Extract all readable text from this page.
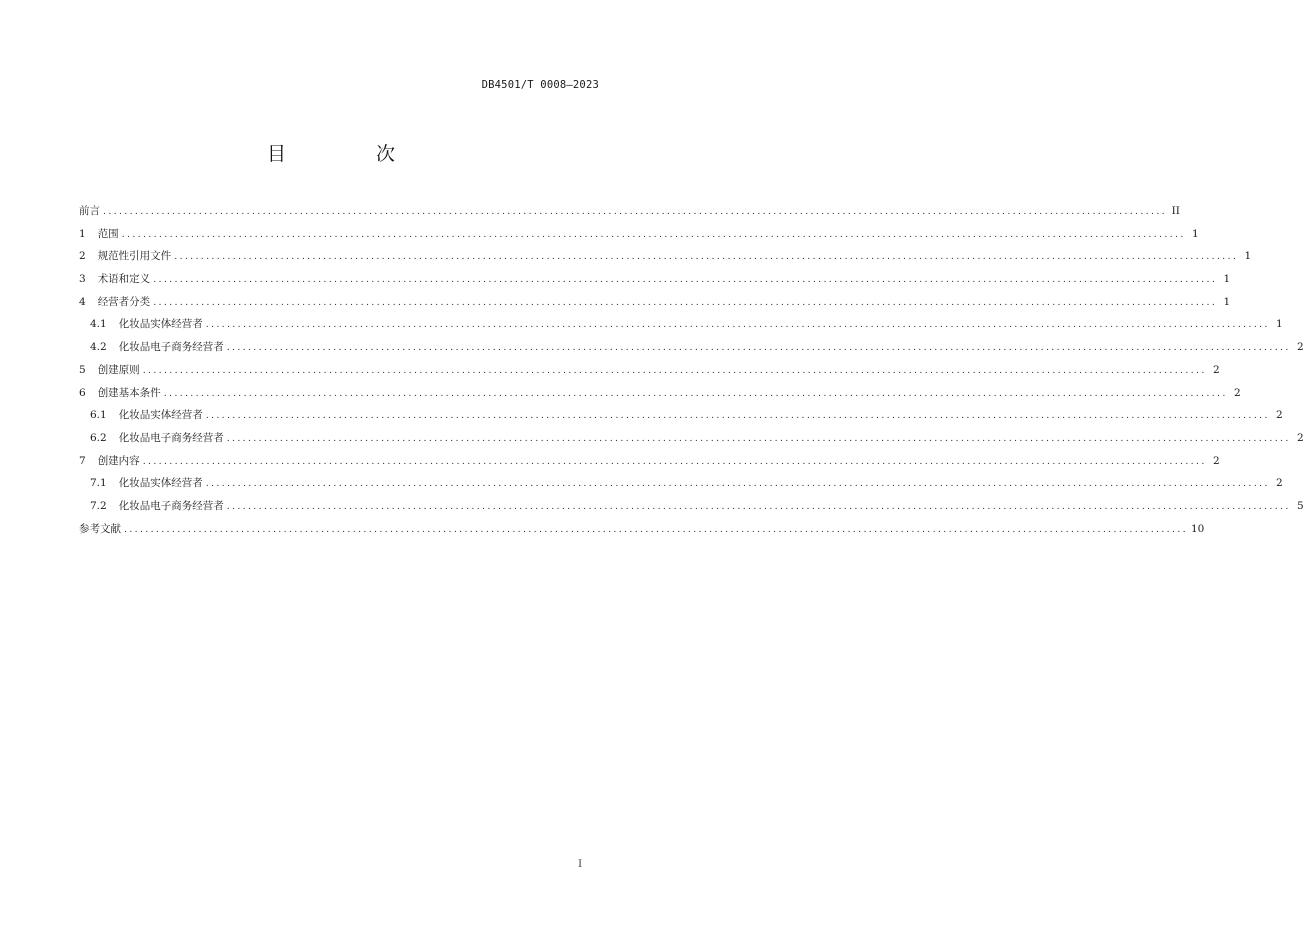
DB4501/T 0008—2023
目 次
前言 ........................................................................................................................................................................................................ II
1 范围 ........................................................................................................................................................................................................ 1
2 规范性引用文件 ........................................................................................................................................................................................................ 1
3 术语和定义 ........................................................................................................................................................................................................ 1
4 经营者分类 ........................................................................................................................................................................................................ 1
4.1 化妆品实体经营者 ........................................................................................................................................................................................................ 1
4.2 化妆品电子商务经营者 ........................................................................................................................................................................................................ 2
5 创建原则 ........................................................................................................................................................................................................ 2
6 创建基本条件 ........................................................................................................................................................................................................ 2
6.1 化妆品实体经营者 ........................................................................................................................................................................................................ 2
6.2 化妆品电子商务经营者 ........................................................................................................................................................................................................ 2
7 创建内容 ........................................................................................................................................................................................................ 2
7.1 化妆品实体经营者 ........................................................................................................................................................................................................ 2
7.2 化妆品电子商务经营者 ........................................................................................................................................................................................................ 5
参考文献 ........................................................................................................................................................................................................ 10
I
